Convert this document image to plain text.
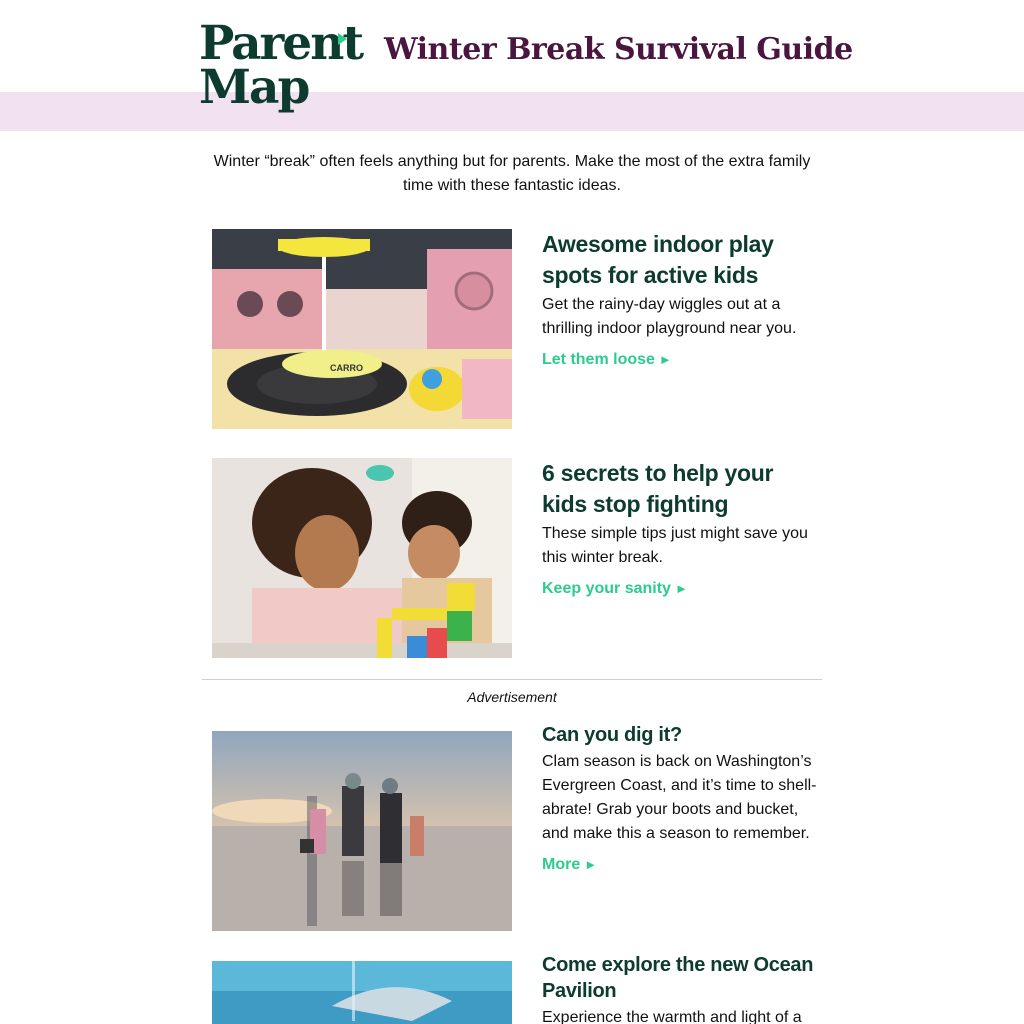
Parent
Map
Winter Break Survival Guide
Winter “break” often feels anything but for parents. Make the most of the extra family time with these fantastic ideas.
CARRO
Awesome indoor play spots for active kids

Get the rainy-day wiggles out at a thrilling indoor playground near you.

Let them loose ►
6 secrets to help your kids stop fighting

These simple tips just might save you this winter break.

Keep your sanity ►
Advertisement
Can you dig it?

Clam season is back on Washington’s Evergreen Coast, and it’s time to shell-abrate! Grab your boots and bucket, and make this a season to remember.

More ►
Come explore the new Ocean Pavilion

Experience the warmth and light of a
